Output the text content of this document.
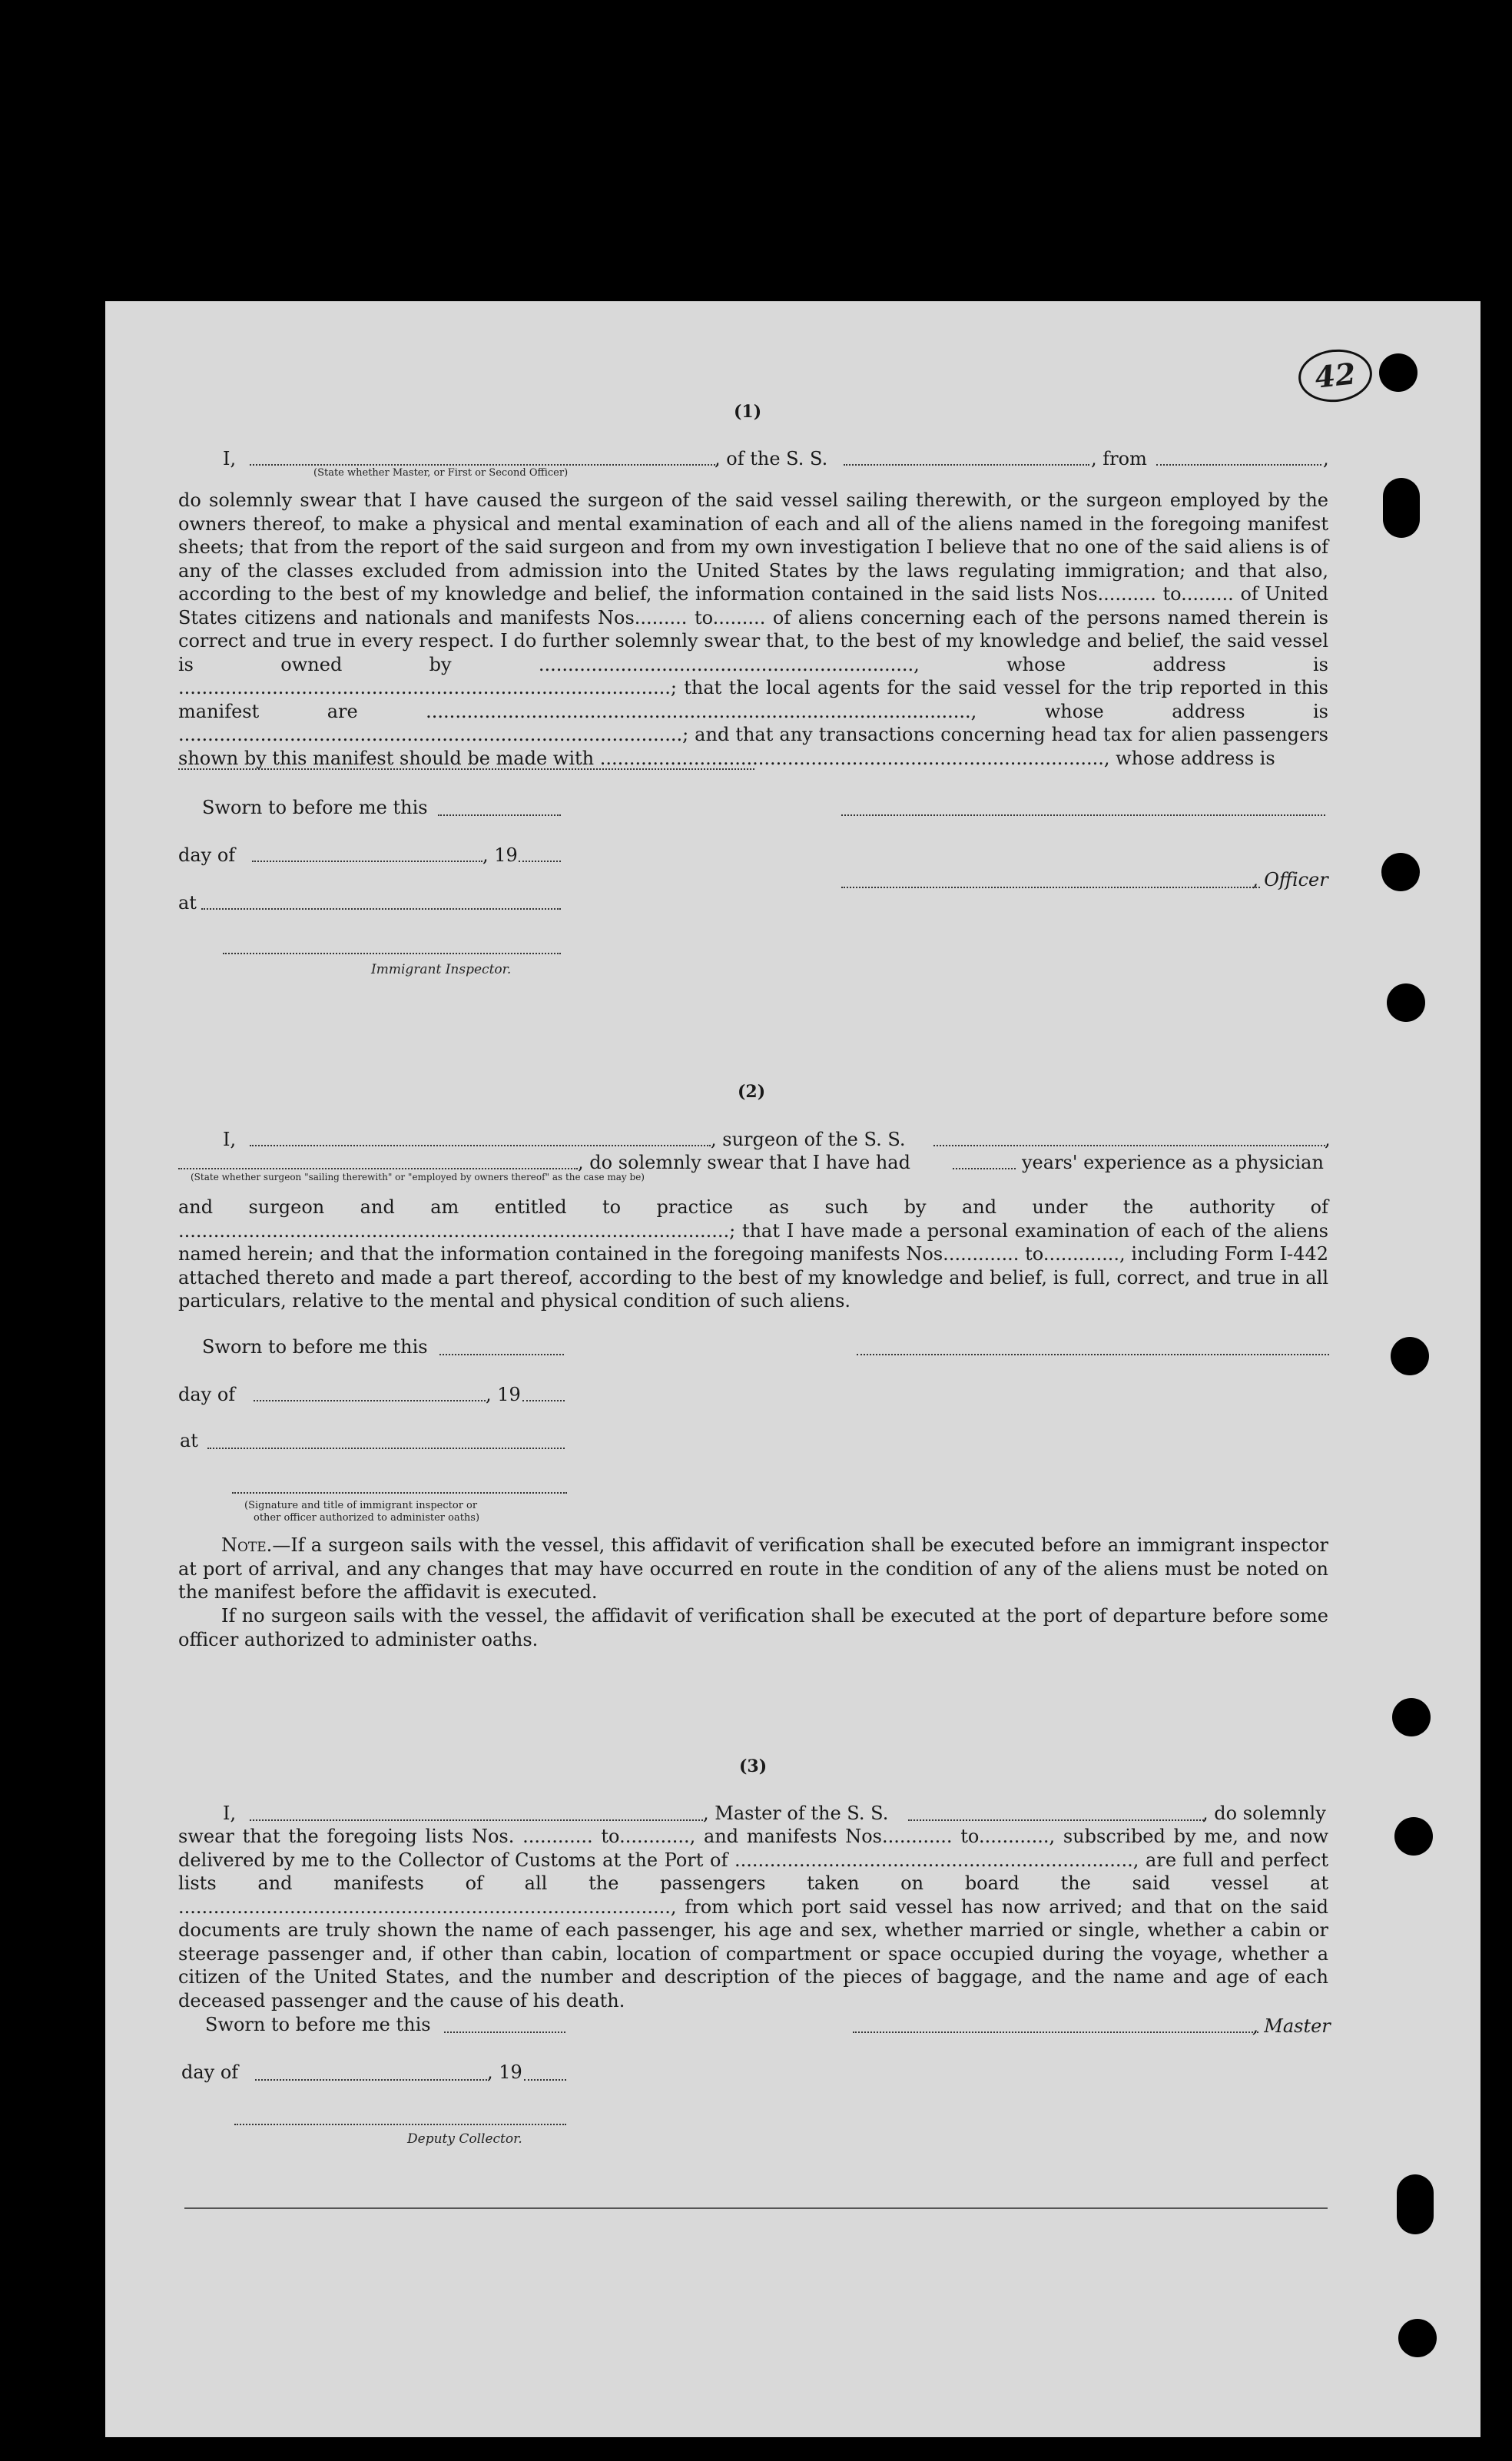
42
(1)
I,	, of the S. S.	, from	,
(State whether Master, or First or Second Officer)
do solemnly swear that I have caused the surgeon of the said vessel sailing therewith, or the surgeon employed by the owners thereof, to make a physical and mental examination of each and all of the aliens named in the foregoing manifest sheets; that from the report of the said surgeon and from my own investigation I believe that no one of the said aliens is of any of the classes excluded from admission into the United States by the laws regulating immigration; and that also, according to the best of my knowledge and belief, the information contained in the said lists Nos.......... to......... of United States citizens and nationals and manifests Nos......... to......... of aliens concerning each of the persons named therein is correct and true in every respect. I do further solemnly swear that, to the best of my knowledge and belief, the said vessel is owned by ................................................................, whose address is ....................................................................................; that the local agents for the said vessel for the trip reported in this manifest are ............................................................................................., whose address is ......................................................................................; and that any transactions concerning head tax for alien passengers shown by this manifest should be made with ......................................................................................, whose address is
Sworn to before me this
day of	, 19
, Officer
at
Immigrant Inspector.
(2)
I,	, surgeon of the S. S.	,
, do solemnly swear that I have had	years' experience as a physician
(State whether surgeon "sailing therewith" or "employed by owners thereof" as the case may be)
and surgeon and am entitled to practice as such by and under the authority of ..............................................................................................; that I have made a personal examination of each of the aliens named herein; and that the information contained in the foregoing manifests Nos............. to............., including Form I-442 attached thereto and made a part thereof, according to the best of my knowledge and belief, is full, correct, and true in all particulars, relative to the mental and physical condition of such aliens.
Sworn to before me this
day of	, 19
at
(Signature and title of immigrant inspector or
other officer authorized to administer oaths)
Note.—If a surgeon sails with the vessel, this affidavit of verification shall be executed before an immigrant inspector at port of arrival, and any changes that may have occurred en route in the condition of any of the aliens must be noted on the manifest before the affidavit is executed.
If no surgeon sails with the vessel, the affidavit of verification shall be executed at the port of departure before some officer authorized to administer oaths.
(3)
I,	, Master of the S. S.	, do solemnly
swear that the foregoing lists Nos. ............ to............, and manifests Nos............ to............, subscribed by me, and now delivered by me to the Collector of Customs at the Port of ...................................................................., are full and perfect lists and manifests of all the passengers taken on board the said vessel at ...................................................................................., from which port said vessel has now arrived; and that on the said documents are truly shown the name of each passenger, his age and sex, whether married or single, whether a cabin or steerage passenger and, if other than cabin, location of compartment or space occupied during the voyage, whether a citizen of the United States, and the number and description of the pieces of baggage, and the name and age of each deceased passenger and the cause of his death.
Sworn to before me this	, Master
day of	, 19
Deputy Collector.
